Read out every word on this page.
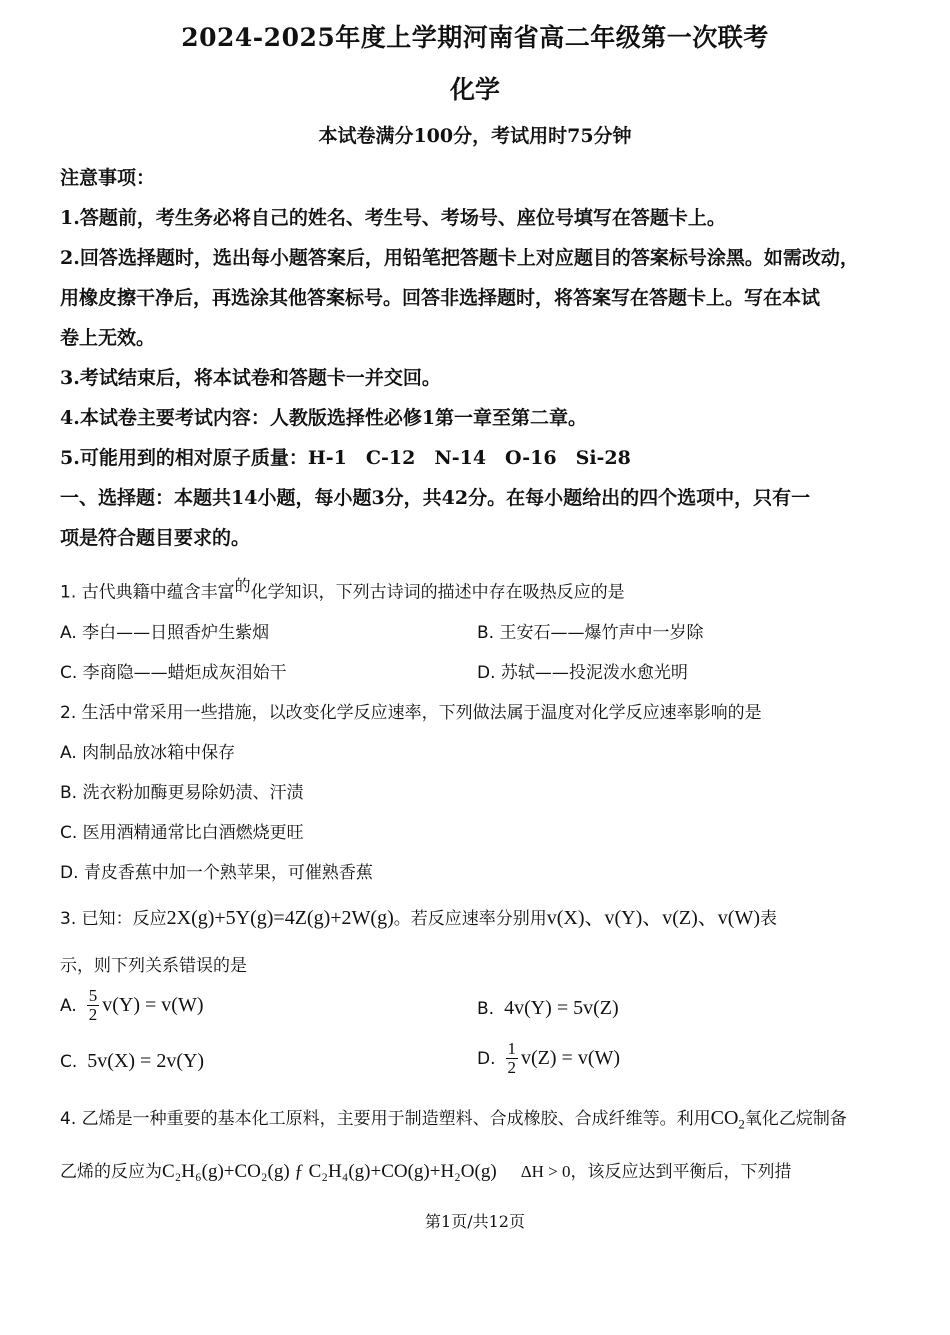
2024-2025年度上学期河南省高二年级第一次联考
化学
本试卷满分100分，考试用时75分钟
注意事项：
1.答题前，考生务必将自己的姓名、考生号、考场号、座位号填写在答题卡上。
2.回答选择题时，选出每小题答案后，用铅笔把答题卡上对应题目的答案标号涂黑。如需改动，
用橡皮擦干净后，再选涂其他答案标号。回答非选择题时，将答案写在答题卡上。写在本试
卷上无效。
3.考试结束后，将本试卷和答题卡一并交回。
4.本试卷主要考试内容：人教版选择性必修1第一章至第二章。
5.可能用到的相对原子质量：H-1　C-12　N-14　O-16　Si-28
一、选择题：本题共14小题，每小题3分，共42分。在每小题给出的四个选项中，只有一
项是符合题目要求的。
1. 古代典籍中蕴含丰富$^的$化学知识，下列古诗词的描述中存在吸热反应的是
A. 李白——日照香炉生紫烟	B. 王安石——爆竹声中一岁除
C. 李商隐——蜡炬成灰泪始干	D. 苏轼——投泥泼水愈光明
2. 生活中常采用一些措施，以改变化学反应速率，下列做法属于温度对化学反应速率影响的是
A. 肉制品放冰箱中保存
B. 洗衣粉加酶更易除奶渍、汗渍
C. 医用酒精通常比白酒燃烧更旺
D. 青皮香蕉中加一个熟苹果，可催熟香蕉
3. 已知：反应2X(g)+5Y(g)=4Z(g)+2W(g)。若反应速率分别用v(X)、v(Y)、v(Z)、v(W)表
示，则下列关系错误的是
A. $\frac{5}{2} v(Y) = v(W)$	B. 4v(Y) = 5v(Z)
C. 5v(X) = 2v(Y)	D. $\frac{1}{2} v(Z) = v(W)$
4. 乙烯是一种重要的基本化工原料，主要用于制造塑料、合成橡胶、合成纤维等。利用$CO_2$氧化乙烷制备
乙烯的反应为C₂H₆(g)+CO₂(g) ƒ C₂H₄(g)+CO(g)+H₂O(g) ΔH > 0，该反应达到平衡后，下列措
第1页/共12页
